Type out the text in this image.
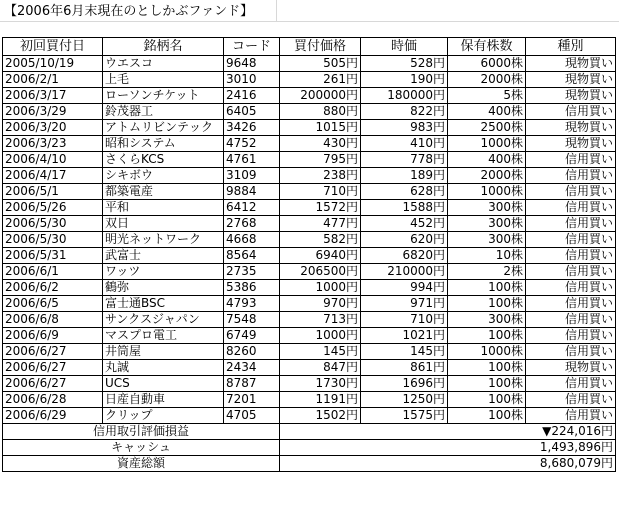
【2006年6月末現在のとしかぶファンド】
初回買付日	銘柄名	コード	買付価格	時価	保有株数	種別
2005/10/19	ウエスコ	9648	505円	528円	6000株	現物買い
2006/2/1	上毛	3010	261円	190円	2000株	現物買い
2006/3/17	ローソンチケット	2416	200000円	180000円	5株	現物買い
2006/3/29	鈴茂器工	6405	880円	822円	400株	信用買い
2006/3/20	アトムリビンテック	3426	1015円	983円	2500株	現物買い
2006/3/23	昭和システム	4752	430円	410円	1000株	現物買い
2006/4/10	さくらKCS	4761	795円	778円	400株	信用買い
2006/4/17	シキボウ	3109	238円	189円	2000株	信用買い
2006/5/1	都築電産	9884	710円	628円	1000株	信用買い
2006/5/26	平和	6412	1572円	1588円	300株	信用買い
2006/5/30	双日	2768	477円	452円	300株	信用買い
2006/5/30	明光ネットワーク	4668	582円	620円	300株	信用買い
2006/5/31	武富士	8564	6940円	6820円	10株	信用買い
2006/6/1	ワッツ	2735	206500円	210000円	2株	信用買い
2006/6/2	鶴弥	5386	1000円	994円	100株	信用買い
2006/6/5	富士通BSC	4793	970円	971円	100株	信用買い
2006/6/8	サンクスジャパン	7548	713円	710円	300株	信用買い
2006/6/9	マスプロ電工	6749	1000円	1021円	100株	信用買い
2006/6/27	井筒屋	8260	145円	145円	1000株	信用買い
2006/6/27	丸誠	2434	847円	861円	100株	現物買い
2006/6/27	UCS	8787	1730円	1696円	100株	信用買い
2006/6/28	日産自動車	7201	1191円	1250円	100株	信用買い
2006/6/29	クリップ	4705	1502円	1575円	100株	信用買い
信用取引評価損益			▼224,016円			
キャッシュ			1,493,896円			
資産総額			8,680,079円			
